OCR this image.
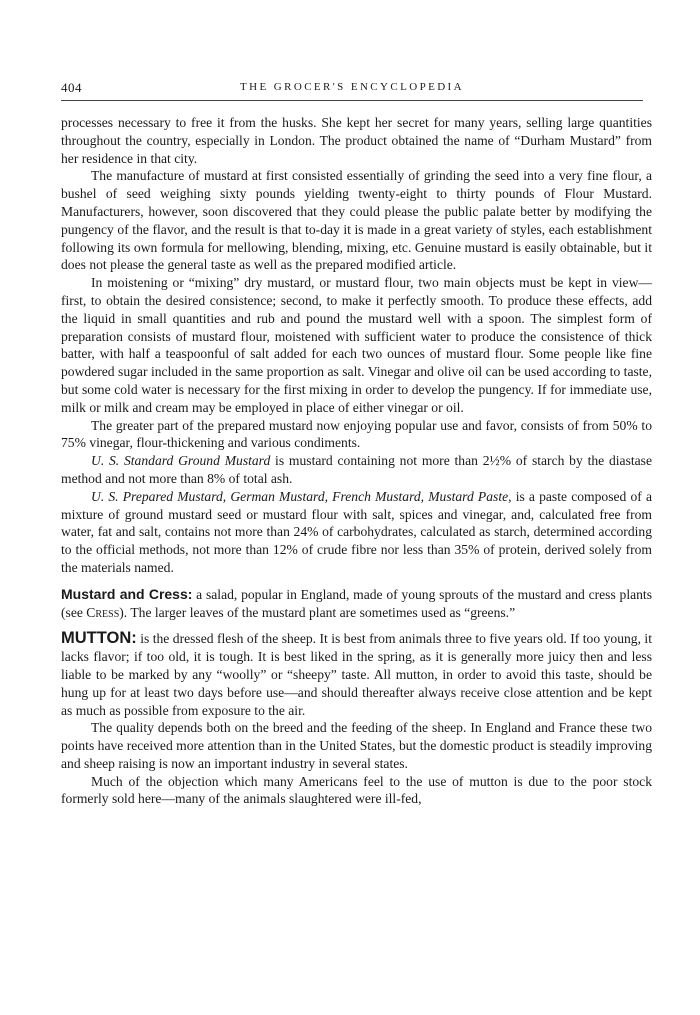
404	THE GROCER'S ENCYCLOPEDIA

processes necessary to free it from the husks. She kept her secret for many years, selling large quantities throughout the country, especially in London. The product obtained the name of “Durham Mustard” from her residence in that city.

The manufacture of mustard at first consisted essentially of grinding the seed into a very fine flour, a bushel of seed weighing sixty pounds yielding twenty-eight to thirty pounds of Flour Mustard. Manufacturers, however, soon discovered that they could please the public palate better by modifying the pungency of the flavor, and the result is that to-day it is made in a great variety of styles, each establishment following its own formula for mellowing, blending, mixing, etc. Genuine mustard is easily obtainable, but it does not please the general taste as well as the prepared modified article.

In moistening or “mixing” dry mustard, or mustard flour, two main objects must be kept in view—first, to obtain the desired consistence; second, to make it perfectly smooth. To produce these effects, add the liquid in small quantities and rub and pound the mustard well with a spoon. The simplest form of preparation consists of mustard flour, moistened with sufficient water to produce the consistence of thick batter, with half a teaspoonful of salt added for each two ounces of mustard flour. Some people like fine powdered sugar included in the same proportion as salt. Vinegar and olive oil can be used according to taste, but some cold water is necessary for the first mixing in order to develop the pungency. If for immediate use, milk or milk and cream may be employed in place of either vinegar or oil.

The greater part of the prepared mustard now enjoying popular use and favor, consists of from 50% to 75% vinegar, flour-thickening and various condiments.

U. S. Standard Ground Mustard is mustard containing not more than 2½% of starch by the diastase method and not more than 8% of total ash.

U. S. Prepared Mustard, German Mustard, French Mustard, Mustard Paste, is a paste composed of a mixture of ground mustard seed or mustard flour with salt, spices and vinegar, and, calculated free from water, fat and salt, contains not more than 24% of carbohydrates, calculated as starch, determined according to the official methods, not more than 12% of crude fibre nor less than 35% of protein, derived solely from the materials named.

Mustard and Cress: a salad, popular in England, made of young sprouts of the mustard and cress plants (see Cress). The larger leaves of the mustard plant are sometimes used as “greens.”

MUTTON: is the dressed flesh of the sheep. It is best from animals three to five years old. If too young, it lacks flavor; if too old, it is tough. It is best liked in the spring, as it is generally more juicy then and less liable to be marked by any “woolly” or “sheepy” taste. All mutton, in order to avoid this taste, should be hung up for at least two days before use—and should thereafter always receive close attention and be kept as much as possible from exposure to the air.

The quality depends both on the breed and the feeding of the sheep. In England and France these two points have received more attention than in the United States, but the domestic product is steadily improving and sheep raising is now an important industry in several states.

Much of the objection which many Americans feel to the use of mutton is due to the poor stock formerly sold here—many of the animals slaughtered were ill-fed,
